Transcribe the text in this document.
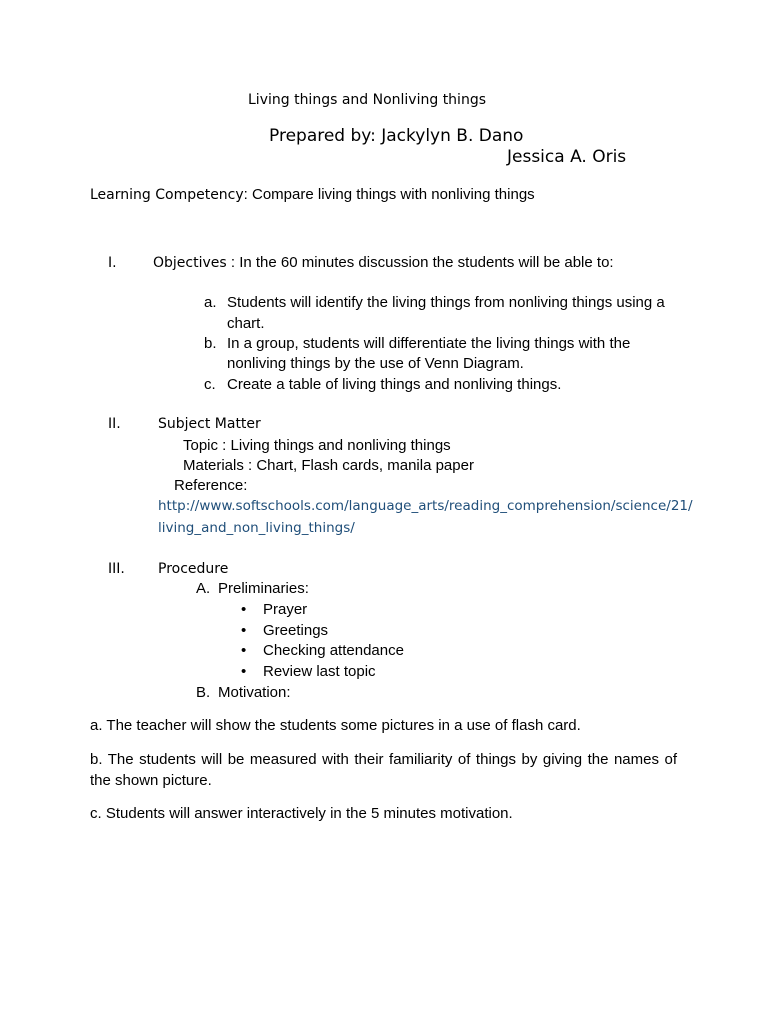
Living things and Nonliving things
Prepared by: Jackylyn B. Dano
Jessica A. Oris
Learning Competency: Compare living things with nonliving things
I.	Objectives : In the 60 minutes discussion the students will be able to:
a. Students will identify the living things from nonliving things using a
chart.
b. In a group, students will differentiate the living things with the
nonliving things by the use of Venn Diagram.
c. Create a table of living things and nonliving things.
II.	Subject Matter
Topic : Living things and nonliving things
Materials : Chart, Flash cards, manila paper
Reference:
http://www.softschools.com/language_arts/reading_comprehension/science/21/
living_and_non_living_things/
III. Procedure
A. Preliminaries:
• Prayer
• Greetings
• Checking attendance
• Review last topic
B. Motivation:
a. The teacher will show the students some pictures in a use of flash card.
b. The students will be measured with their familiarity of things by giving the names of the shown picture.
c. Students will answer interactively in the 5 minutes motivation.
